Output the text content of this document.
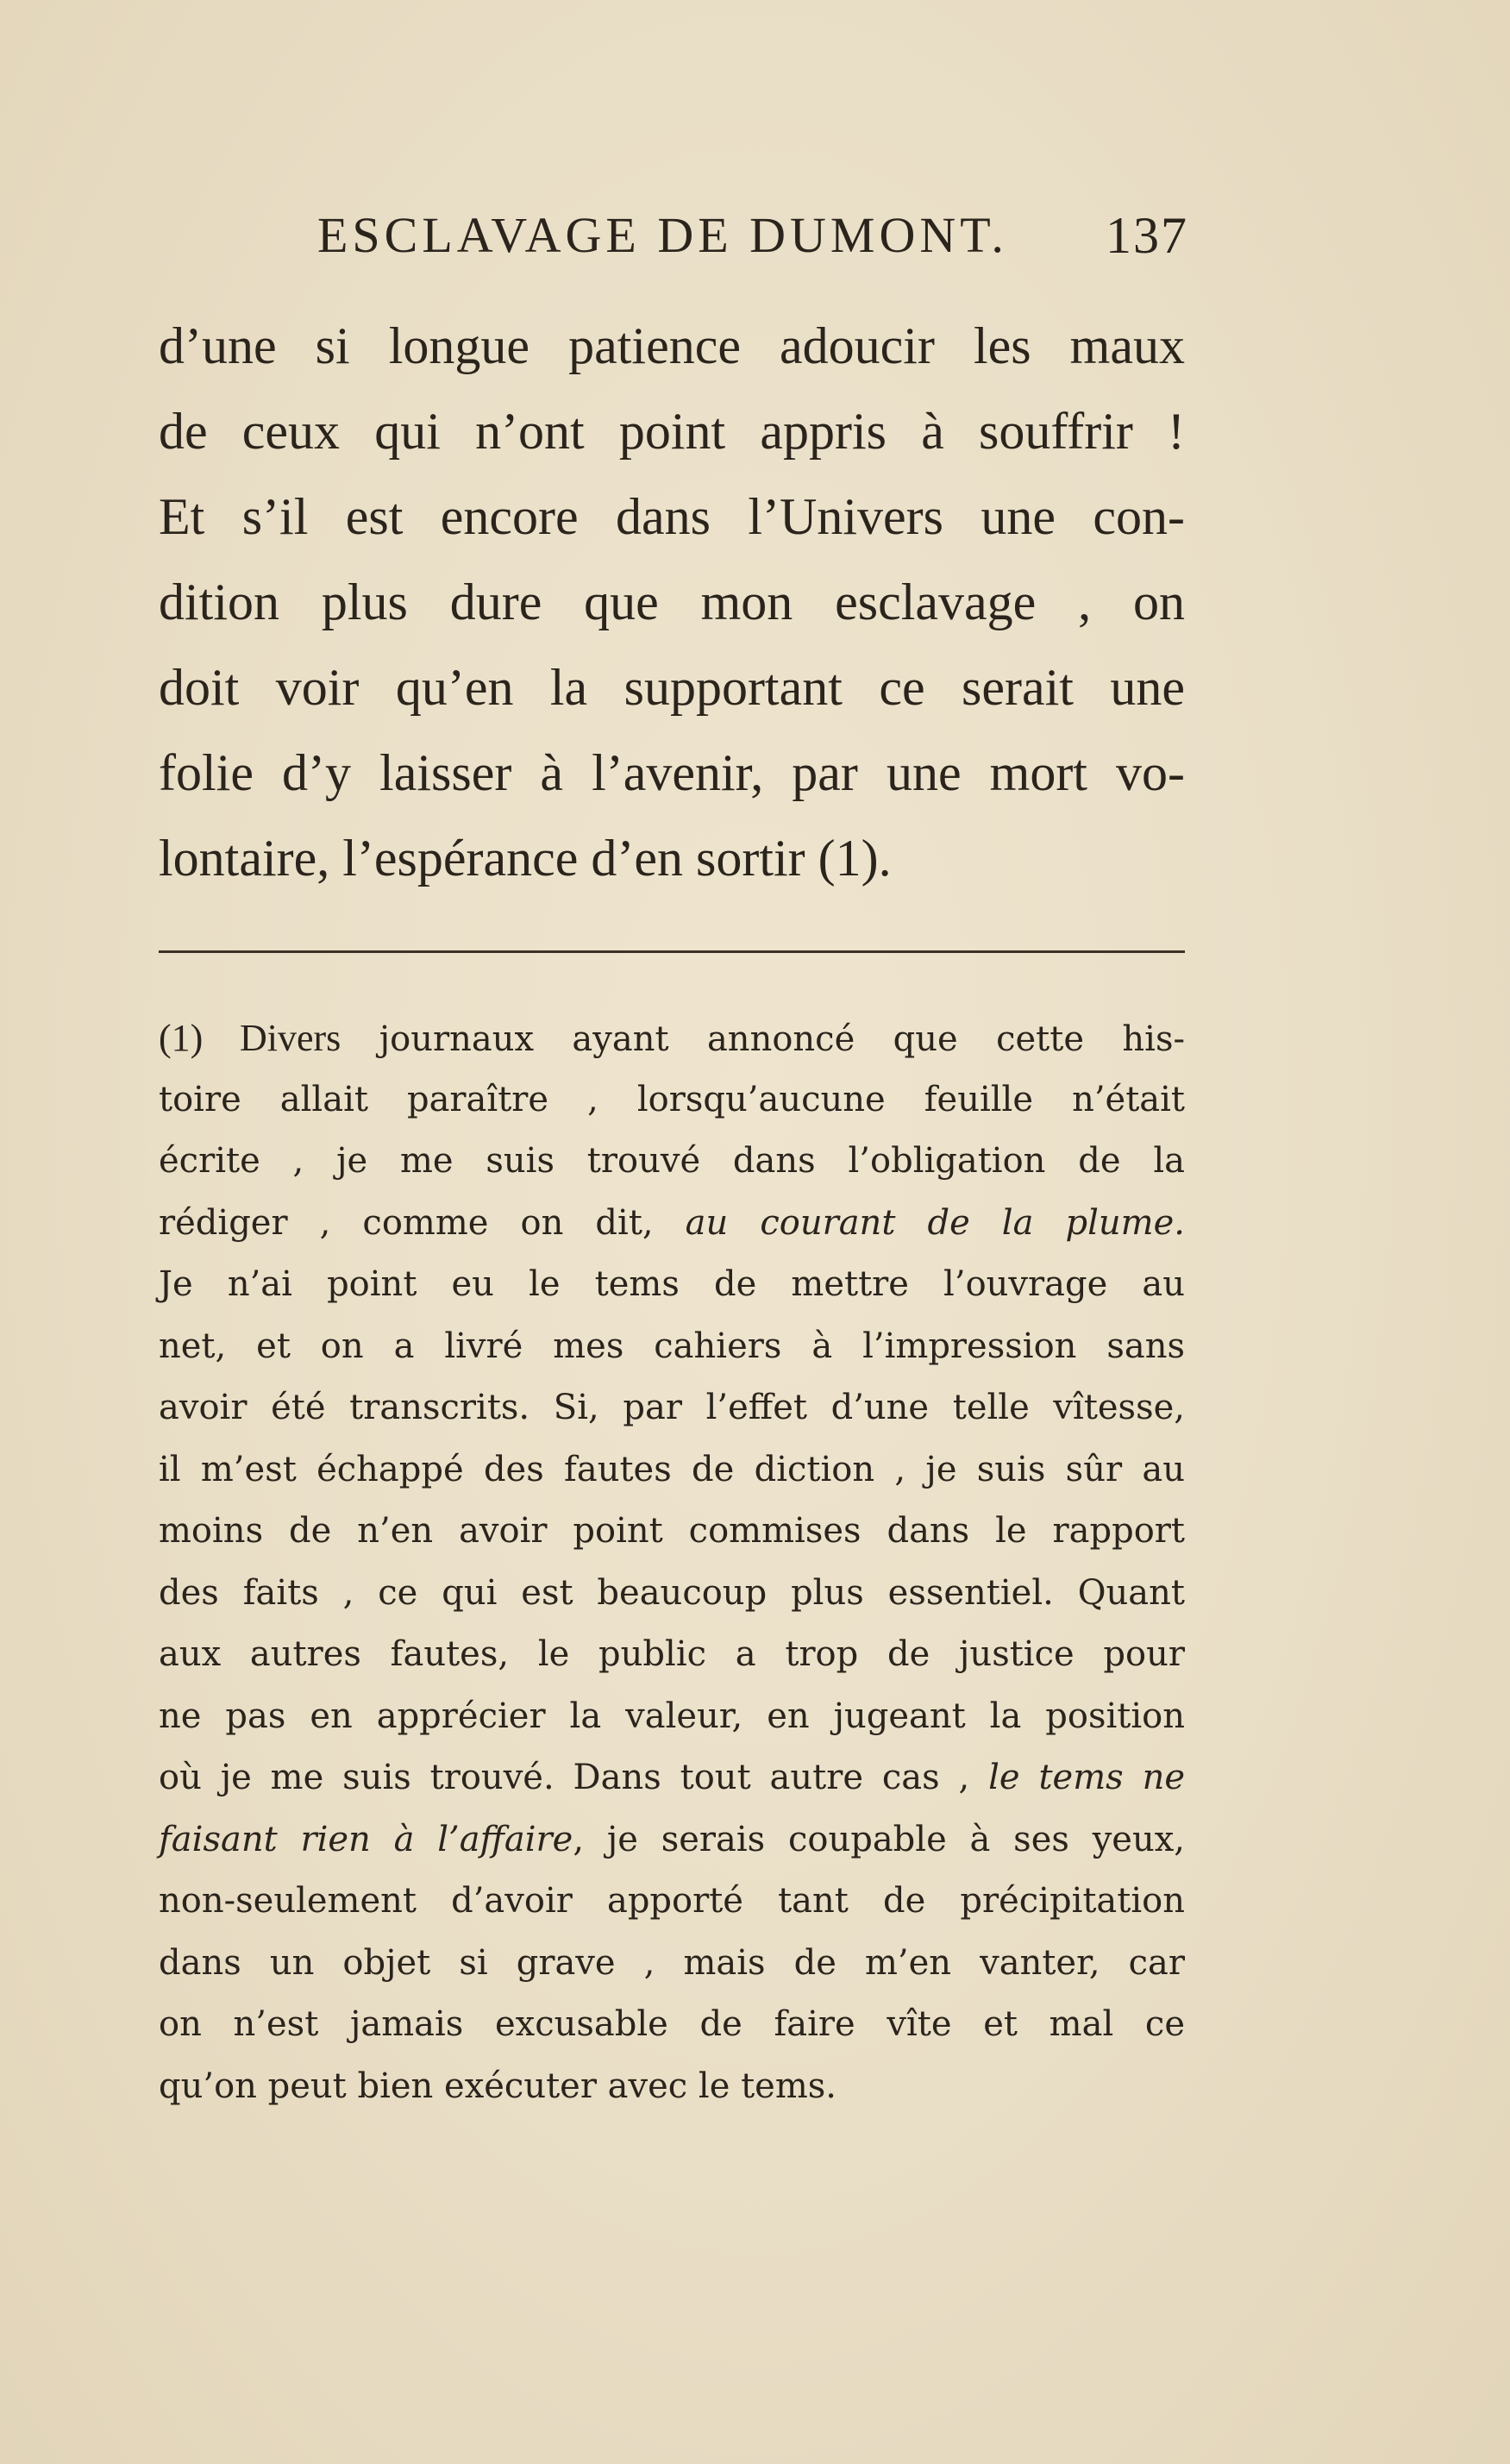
ESCLAVAGE DE DUMONT. 137
d’une si longue patience adoucir les maux
de ceux qui n’ont point appris à souffrir !
Et s’il est encore dans l’Univers une con-
dition plus dure que mon esclavage , on
doit voir qu’en la supportant ce serait une
folie d’y laisser à l’avenir, par une mort vo-
lontaire, l’espérance d’en sortir (1).
(1) Divers journaux ayant annoncé que cette his-
toire allait paraître , lorsqu’aucune feuille n’était
écrite , je me suis trouvé dans l’obligation de la
rédiger , comme on dit, au courant de la plume.
Je n’ai point eu le tems de mettre l’ouvrage au
net, et on a livré mes cahiers à l’impression sans
avoir été transcrits. Si, par l’effet d’une telle vîtesse,
il m’est échappé des fautes de diction , je suis sûr au
moins de n’en avoir point commises dans le rapport
des faits , ce qui est beaucoup plus essentiel. Quant
aux autres fautes, le public a trop de justice pour
ne pas en apprécier la valeur, en jugeant la position
où je me suis trouvé. Dans tout autre cas , le tems ne
faisant rien à l’affaire, je serais coupable à ses yeux,
non-seulement d’avoir apporté tant de précipitation
dans un objet si grave , mais de m’en vanter, car
on n’est jamais excusable de faire vîte et mal ce
qu’on peut bien exécuter avec le tems.
